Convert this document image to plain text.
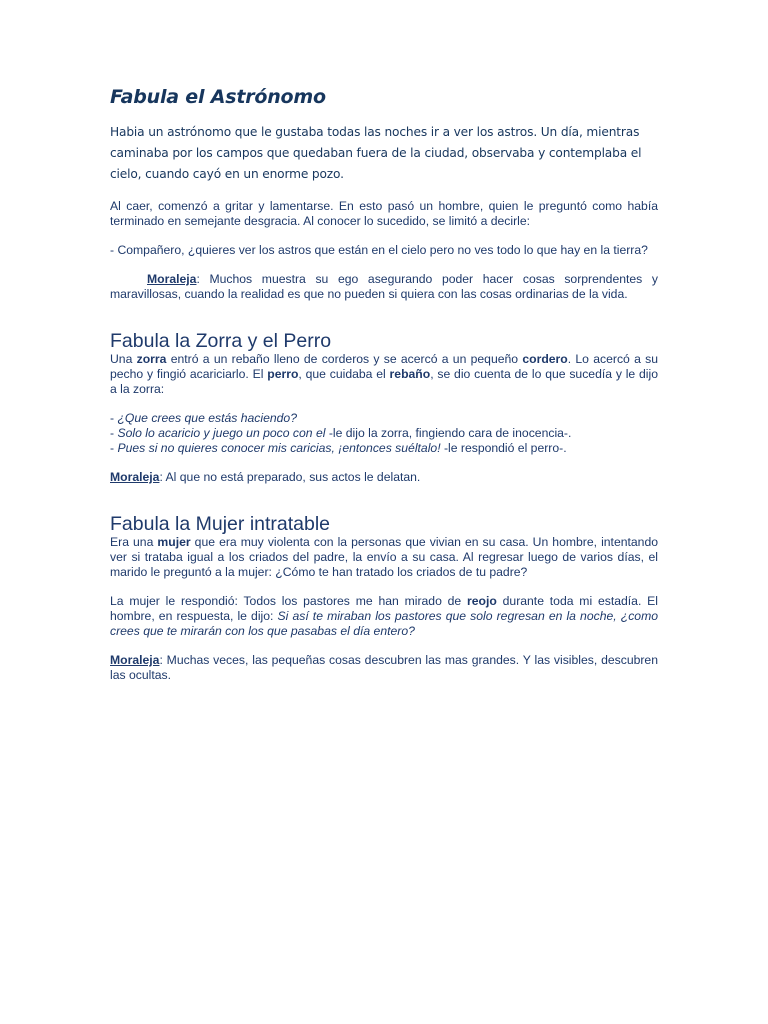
Fabula el Astrónomo

Habia un astrónomo que le gustaba todas las noches ir a ver los astros. Un día, mientras caminaba por los campos que quedaban fuera de la ciudad, observaba y contemplaba el cielo, cuando cayó en un enorme pozo.

Al caer, comenzó a gritar y lamentarse. En esto pasó un hombre, quien le preguntó como había terminado en semejante desgracia. Al conocer lo sucedido, se limitó a decirle:

- Compañero, ¿quieres ver los astros que están en el cielo pero no ves todo lo que hay en la tierra?

Moraleja: Muchos muestra su ego asegurando poder hacer cosas sorprendentes y maravillosas, cuando la realidad es que no pueden si quiera con las cosas ordinarias de la vida.

Fabula la Zorra y el Perro

Una zorra entró a un rebaño lleno de corderos y se acercó a un pequeño cordero. Lo acercó a su pecho y fingió acariciarlo. El perro, que cuidaba el rebaño, se dio cuenta de lo que sucedía y le dijo a la zorra:

- ¿Que crees que estás haciendo?

- Solo lo acaricio y juego un poco con el -le dijo la zorra, fingiendo cara de inocencia-.

- Pues si no quieres conocer mis caricias, ¡entonces suéltalo! -le respondió el perro-.

Moraleja: Al que no está preparado, sus actos le delatan.

Fabula la Mujer intratable

Era una mujer que era muy violenta con la personas que vivian en su casa. Un hombre, intentando ver si trataba igual a los criados del padre, la envío a su casa. Al regresar luego de varios días, el marido le preguntó a la mujer: ¿Cómo te han tratado los criados de tu padre?

La mujer le respondió: Todos los pastores me han mirado de reojo durante toda mi estadía. El hombre, en respuesta, le dijo: Si así te miraban los pastores que solo regresan en la noche, ¿como crees que te mirarán con los que pasabas el día entero?

Moraleja: Muchas veces, las pequeñas cosas descubren las mas grandes. Y las visibles, descubren las ocultas.
